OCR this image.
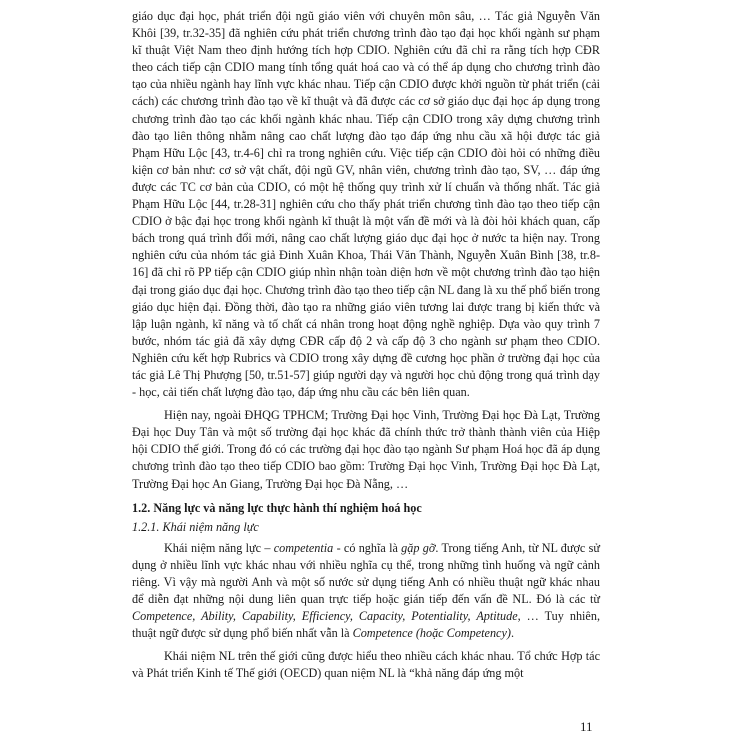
giáo dục đại học, phát triển đội ngũ giáo viên với chuyên môn sâu, … Tác giả Nguyễn Văn Khôi [39, tr.32-35] đã nghiên cứu phát triển chương trình đào tạo đại học khối ngành sư phạm kĩ thuật Việt Nam theo định hướng tích hợp CDIO. Nghiên cứu đã chỉ ra rằng tích hợp CĐR theo cách tiếp cận CDIO mang tính tổng quát hoá cao và có thể áp dụng cho chương trình đào tạo của nhiều ngành hay lĩnh vực khác nhau. Tiếp cận CDIO được khởi nguồn từ phát triển (cải cách) các chương trình đào tạo về kĩ thuật và đã được các cơ sở giáo dục đại học áp dụng trong chương trình đào tạo các khối ngành khác nhau. Tiếp cận CDIO trong xây dựng chương trình đào tạo liên thông nhằm nâng cao chất lượng đào tạo đáp ứng nhu cầu xã hội được tác giả Phạm Hữu Lộc [43, tr.4-6] chỉ ra trong nghiên cứu. Việc tiếp cận CDIO đòi hỏi có những điều kiện cơ bản như: cơ sở vật chất, đội ngũ GV, nhân viên, chương trình đào tạo, SV, … đáp ứng được các TC cơ bản của CDIO, có một hệ thống quy trình xử lí chuẩn và thống nhất. Tác giả Phạm Hữu Lộc [44, tr.28-31] nghiên cứu cho thấy phát triển chương tình đào tạo theo tiếp cận CDIO ở bậc đại học trong khối ngành kĩ thuật là một vấn đề mới và là đòi hỏi khách quan, cấp bách trong quá trình đổi mới, nâng cao chất lượng giáo dục đại học ở nước ta hiện nay. Trong nghiên cứu của nhóm tác giả Đinh Xuân Khoa, Thái Văn Thành, Nguyễn Xuân Bình [38, tr.8-16] đã chỉ rõ PP tiếp cận CDIO giúp nhìn nhận toàn diện hơn về một chương trình đào tạo hiện đại trong giáo dục đại học. Chương trình đào tạo theo tiếp cận NL đang là xu thế phổ biến trong giáo dục hiện đại. Đồng thời, đào tạo ra những giáo viên tương lai được trang bị kiến thức và lập luận ngành, kĩ năng và tố chất cá nhân trong hoạt động nghề nghiệp. Dựa vào quy trình 7 bước, nhóm tác giả đã xây dựng CĐR cấp độ 2 và cấp độ 3 cho ngành sư phạm theo CDIO. Nghiên cứu kết hợp Rubrics và CDIO trong xây dựng đề cương học phần ở trường đại học của tác giả Lê Thị Phượng [50, tr.51-57] giúp người dạy và người học chủ động trong quá trình dạy - học, cải tiến chất lượng đào tạo, đáp ứng nhu cầu các bên liên quan.

Hiện nay, ngoài ĐHQG TPHCM; Trường Đại học Vinh, Trường Đại học Đà Lạt, Trường Đại học Duy Tân và một số trường đại học khác đã chính thức trở thành thành viên của Hiệp hội CDIO thế giới. Trong đó có các trường đại học đào tạo ngành Sư phạm Hoá học đã áp dụng chương trình đào tạo theo tiếp CDIO bao gồm: Trường Đại học Vinh, Trường Đại học Đà Lạt, Trường Đại học An Giang, Trường Đại học Đà Nẵng, …

1.2. Năng lực và năng lực thực hành thí nghiệm hoá học

1.2.1. Khái niệm năng lực

Khái niệm năng lực – competentia - có nghĩa là gặp gỡ. Trong tiếng Anh, từ NL được sử dụng ở nhiều lĩnh vực khác nhau với nhiều nghĩa cụ thể, trong những tình huống và ngữ cảnh riêng. Vì vậy mà người Anh và một số nước sử dụng tiếng Anh có nhiều thuật ngữ khác nhau để diễn đạt những nội dung liên quan trực tiếp hoặc gián tiếp đến vấn đề NL. Đó là các từ Competence, Ability, Capability, Efficiency, Capacity, Potentiality, Aptitude, … Tuy nhiên, thuật ngữ được sử dụng phổ biến nhất vẫn là Competence (hoặc Competency).

Khái niệm NL trên thế giới cũng được hiểu theo nhiều cách khác nhau. Tổ chức Hợp tác và Phát triển Kinh tế Thế giới (OECD) quan niệm NL là “khả năng đáp ứng một

11
